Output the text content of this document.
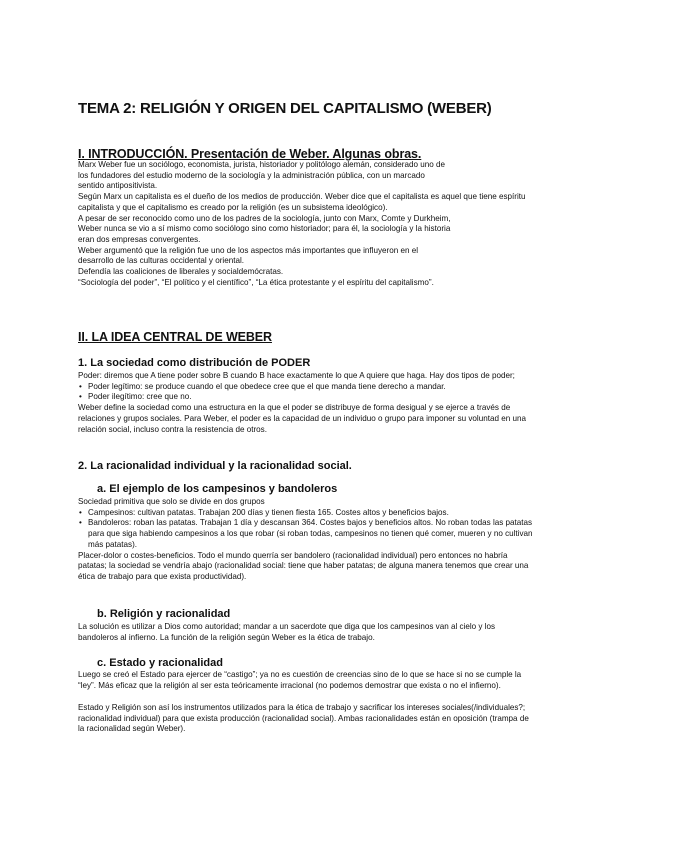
TEMA 2: RELIGIÓN Y ORIGEN DEL CAPITALISMO (WEBER)
I. INTRODUCCIÓN. Presentación de Weber. Algunas obras.
Marx Weber fue un sociólogo, economista, jurista, historiador y politólogo alemán, considerado uno de
los fundadores del estudio moderno de la sociología y la administración pública, con un marcado
sentido antipositivista.
Según Marx un capitalista es el dueño de los medios de producción. Weber dice que el capitalista es aquel que tiene espíritu
capitalista y que el capitalismo es creado por la religión (es un subsistema ideológico).
A pesar de ser reconocido como uno de los padres de la sociología, junto con Marx, Comte y Durkheim,
Weber nunca se vio a sí mismo como sociólogo sino como historiador; para él, la sociología y la historia
eran dos empresas convergentes.
Weber argumentó que la religión fue uno de los aspectos más importantes que influyeron en el
desarrollo de las culturas occidental y oriental.
Defendía las coaliciones de liberales y socialdemócratas.
“Sociología del poder”, “El político y el científico”, “La ética protestante y el espíritu del capitalismo”.
II. LA IDEA CENTRAL DE WEBER
1. La sociedad como distribución de PODER
Poder: diremos que A tiene poder sobre B cuando B hace exactamente lo que A quiere que haga. Hay dos tipos de poder;
• Poder legítimo: se produce cuando el que obedece cree que el que manda tiene derecho a mandar.
• Poder ilegítimo: cree que no.
Weber define la sociedad como una estructura en la que el poder se distribuye de forma desigual y se ejerce a través de
relaciones y grupos sociales. Para Weber, el poder es la capacidad de un individuo o grupo para imponer su voluntad en una
relación social, incluso contra la resistencia de otros.
2. La racionalidad individual y la racionalidad social.
a. El ejemplo de los campesinos y bandoleros
Sociedad primitiva que solo se divide en dos grupos
• Campesinos: cultivan patatas. Trabajan 200 días y tienen fiesta 165. Costes altos y beneficios bajos.
• Bandoleros: roban las patatas. Trabajan 1 día y descansan 364. Costes bajos y beneficios altos. No roban todas las patatas
para que siga habiendo campesinos a los que robar (si roban todas, campesinos no tienen qué comer, mueren y no cultivan
más patatas).
Placer-dolor o costes-beneficios. Todo el mundo querría ser bandolero (racionalidad individual) pero entonces no habría
patatas; la sociedad se vendría abajo (racionalidad social: tiene que haber patatas; de alguna manera tenemos que crear una
ética de trabajo para que exista productividad).
b. Religión y racionalidad
La solución es utilizar a Dios como autoridad; mandar a un sacerdote que diga que los campesinos van al cielo y los
bandoleros al infierno. La función de la religión según Weber es la ética de trabajo.
c. Estado y racionalidad
Luego se creó el Estado para ejercer de “castigo”; ya no es cuestión de creencias sino de lo que se hace si no se cumple la
“ley”. Más eficaz que la religión al ser esta teóricamente irracional (no podemos demostrar que exista o no el infierno).
Estado y Religión son así los instrumentos utilizados para la ética de trabajo y sacrificar los intereses sociales(/individuales?;
racionalidad individual) para que exista producción (racionalidad social). Ambas racionalidades están en oposición (trampa de
la racionalidad según Weber).
